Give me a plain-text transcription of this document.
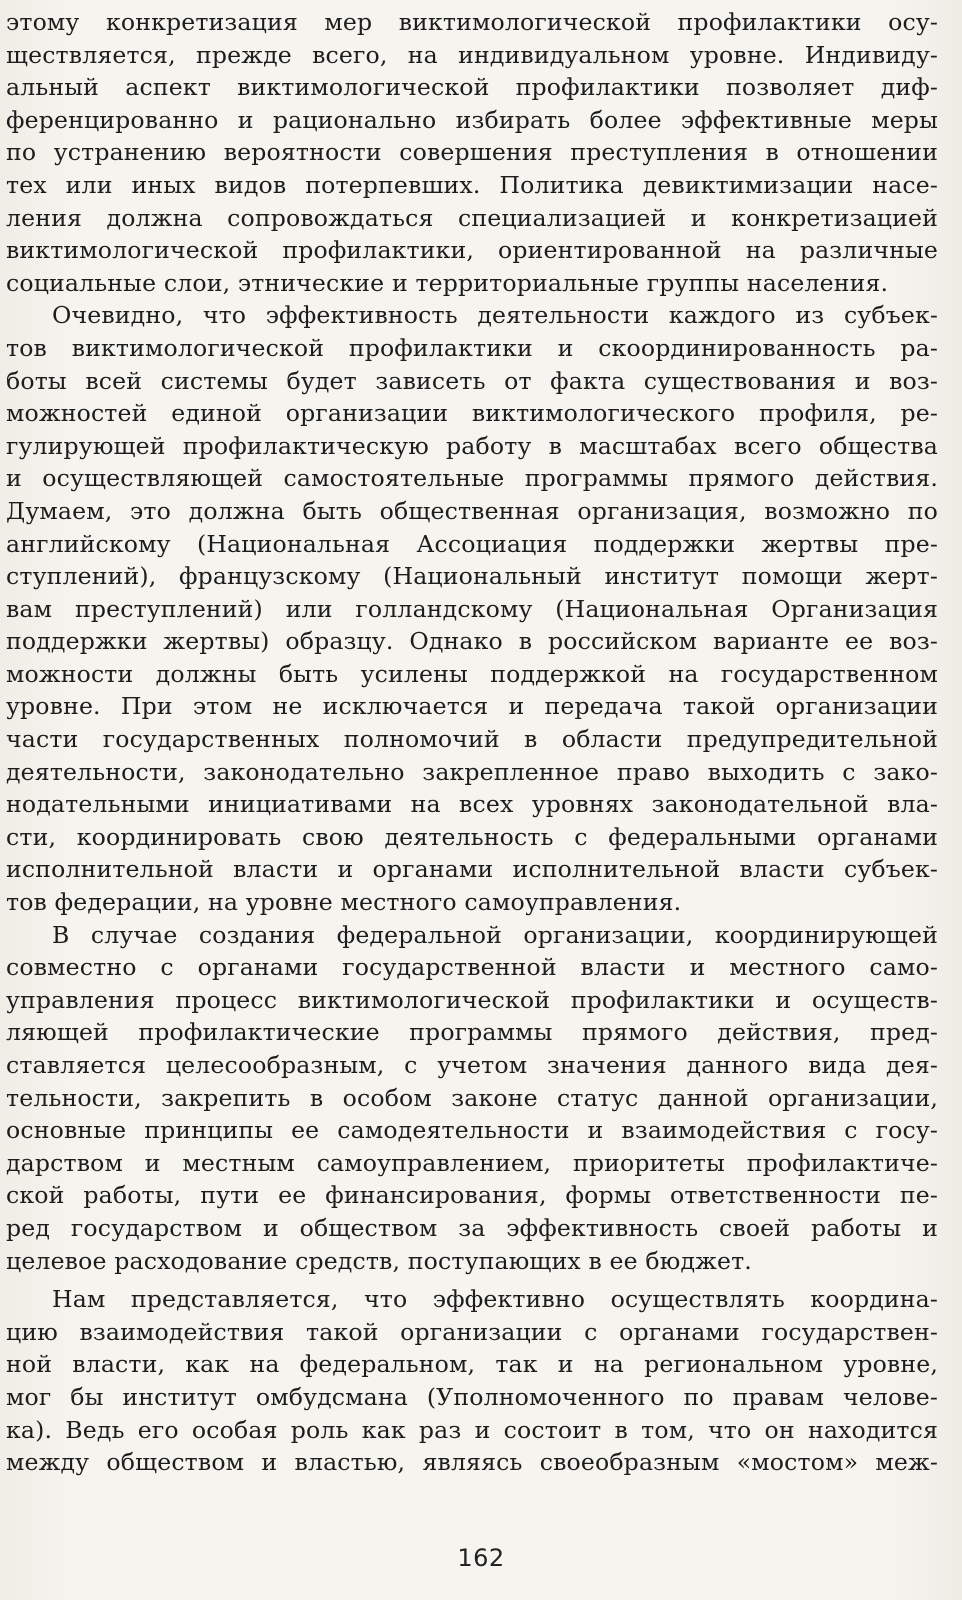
этому конкретизация мер виктимологической профилактики осу-
ществляется, прежде всего, на индивидуальном уровне. Индивиду-
альный аспект виктимологической профилактики позволяет диф-
ференцированно и рационально избирать более эффективные меры
по устранению вероятности совершения преступления в отношении
тех или иных видов потерпевших. Политика девиктимизации насе-
ления должна сопровождаться специализацией и конкретизацией
виктимологической профилактики, ориентированной на различные
социальные слои, этнические и территориальные группы населения.
Очевидно, что эффективность деятельности каждого из субъек-
тов виктимологической профилактики и скоординированность ра-
боты всей системы будет зависеть от факта существования и воз-
можностей единой организации виктимологического профиля, ре-
гулирующей профилактическую работу в масштабах всего общества
и осуществляющей самостоятельные программы прямого действия.
Думаем, это должна быть общественная организация, возможно по
английскому (Национальная Ассоциация поддержки жертвы пре-
ступлений), французскому (Национальный институт помощи жерт-
вам преступлений) или голландскому (Национальная Организация
поддержки жертвы) образцу. Однако в российском варианте ее воз-
можности должны быть усилены поддержкой на государственном
уровне. При этом не исключается и передача такой организации
части государственных полномочий в области предупредительной
деятельности, законодательно закрепленное право выходить с зако-
нодательными инициативами на всех уровнях законодательной вла-
сти, координировать свою деятельность с федеральными органами
исполнительной власти и органами исполнительной власти субъек-
тов федерации, на уровне местного самоуправления.
В случае создания федеральной организации, координирующей
совместно с органами государственной власти и местного само-
управления процесс виктимологической профилактики и осуществ-
ляющей профилактические программы прямого действия, пред-
ставляется целесообразным, с учетом значения данного вида дея-
тельности, закрепить в особом законе статус данной организации,
основные принципы ее самодеятельности и взаимодействия с госу-
дарством и местным самоуправлением, приоритеты профилактиче-
ской работы, пути ее финансирования, формы ответственности пе-
ред государством и обществом за эффективность своей работы и
целевое расходование средств, поступающих в ее бюджет.
Нам представляется, что эффективно осуществлять координа-
цию взаимодействия такой организации с органами государствен-
ной власти, как на федеральном, так и на региональном уровне,
мог бы институт омбудсмана (Уполномоченного по правам челове-
ка). Ведь его особая роль как раз и состоит в том, что он находится
между обществом и властью, являясь своеобразным «мостом» меж-
162
